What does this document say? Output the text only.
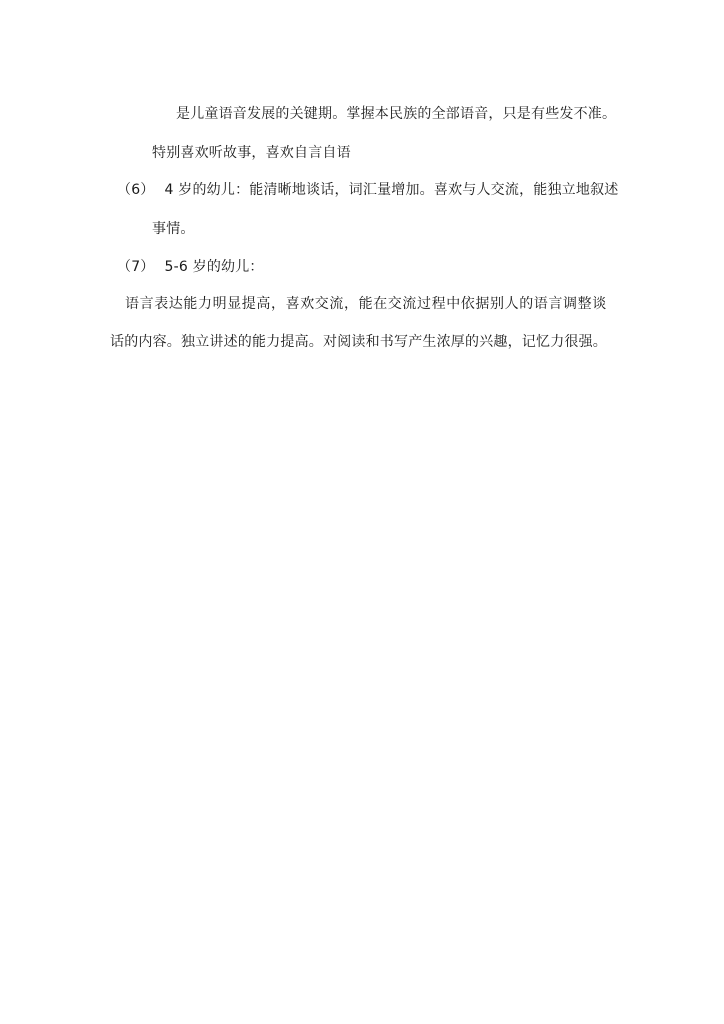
是儿童语音发展的关键期。掌握本民族的全部语音，只是有些发不准。
特别喜欢听故事，喜欢自言自语
（6） 4 岁的幼儿：能清晰地谈话，词汇量增加。喜欢与人交流，能独立地叙述
事情。
（7） 5-6 岁的幼儿：
语言表达能力明显提高，喜欢交流，能在交流过程中依据别人的语言调整谈
话的内容。独立讲述的能力提高。对阅读和书写产生浓厚的兴趣，记忆力很强。
